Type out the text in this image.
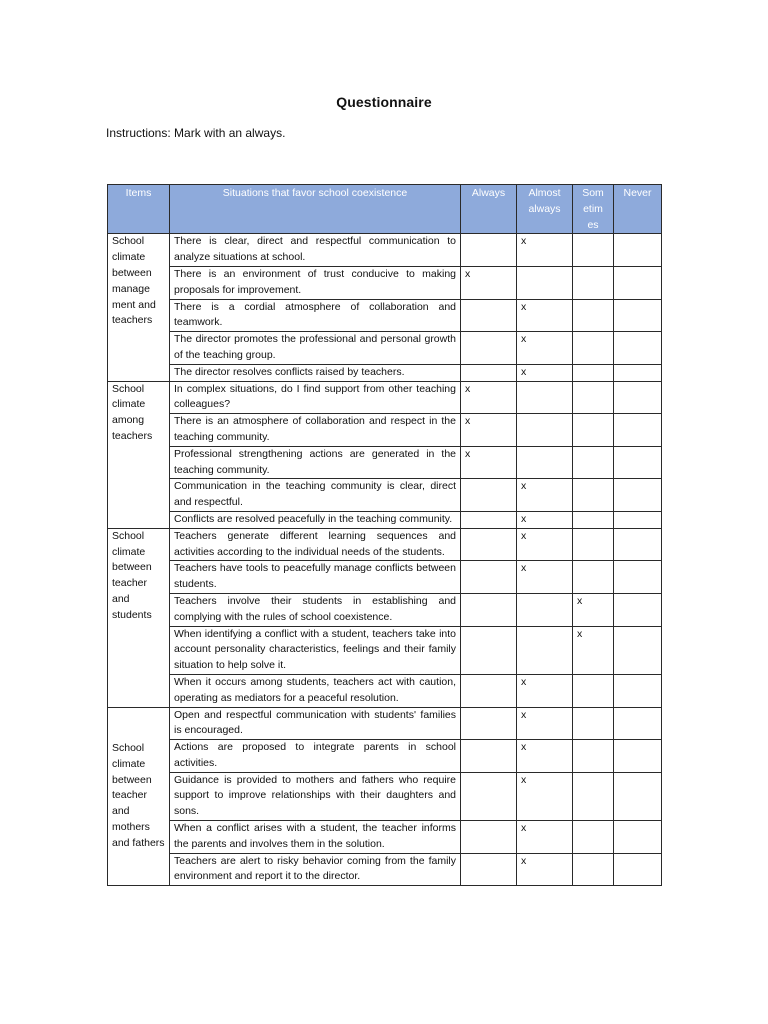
Questionnaire
Instructions: Mark with an always.
Items	Situations that favor school coexistence	Always	Almost always	Som etim es	Never
School climate between manage ment and teachers	There is clear, direct and respectful communication to analyze situations at school.		x		
	There is an environment of trust conducive to making proposals for improvement.	x			
	There is a cordial atmosphere of collaboration and teamwork.		x		
	The director promotes the professional and personal growth of the teaching group.		x		
	The director resolves conflicts raised by teachers.		x		
School climate among teachers	In complex situations, do I find support from other teaching colleagues?	x			
	There is an atmosphere of collaboration and respect in the teaching community.	x			
	Professional strengthening actions are generated in the teaching community.	x			
	Communication in the teaching community is clear, direct and respectful.		x		
	Conflicts are resolved peacefully in the teaching community.		x		
School climate between teacher and students	Teachers generate different learning sequences and activities according to the individual needs of the students.		x		
	Teachers have tools to peacefully manage conflicts between students.		x		
	Teachers involve their students in establishing and complying with the rules of school coexistence.			x	
	When identifying a conflict with a student, teachers take into account personality characteristics, feelings and their family situation to help solve it.			x	
	When it occurs among students, teachers act with caution, operating as mediators for a peaceful resolution.		x		
School climate between teacher and mothers and fathers	Open and respectful communication with students' families is encouraged.		x		
	Actions are proposed to integrate parents in school activities.		x		
	Guidance is provided to mothers and fathers who require support to improve relationships with their daughters and sons.		x		
	When a conflict arises with a student, the teacher informs the parents and involves them in the solution.		x		
	Teachers are alert to risky behavior coming from the family environment and report it to the director.		x		
